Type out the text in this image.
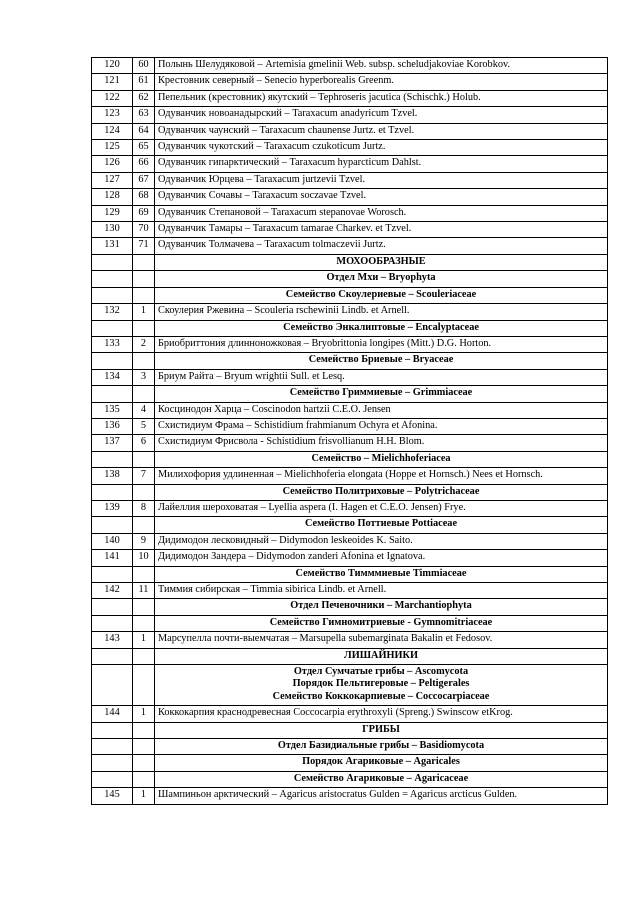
120	60	Полынь Шелудяковой – Artemisia gmelinii Web. subsp. scheludjakoviae Korobkov.
121	61	Крестовник северный – Senecio hyperborealis Greenm.
122	62	Пепельник (крестовник) якутский – Tephroseris jacutica (Schischk.) Holub.
123	63	Одуванчик новоанадырский – Taraxacum anadyricum Tzvel.
124	64	Одуванчик чаунский – Taraxacum chaunense Jurtz. et Tzvel.
125	65	Одуванчик чукотский – Taraxacum czukoticum Jurtz.
126	66	Одуванчик гипарктический – Taraxacum hyparcticum Dahlst.
127	67	Одуванчик Юрцева – Taraxacum jurtzevii Tzvel.
128	68	Одуванчик Сочавы – Taraxacum soczavae Tzvel.
129	69	Одуванчик Степановой – Taraxacum stepanovae Worosch.
130	70	Одуванчик Тамары – Taraxacum tamarae Charkev. et Tzvel.
131	71	Одуванчик Толмачева – Taraxacum tolmaczevii Jurtz.

		МОХООБРАЗНЫЕ

		Отдел Мхи – Bryophyta

		Семейство Скоулериевые – Scouleriaceae

132	1	Скоулерия Ржевина – Scouleria rschewinii Lindb. et Arnell.

		Семейство Энкалиптовые – Encalyptaceae

133	2	Бриобриттония длинноножковая – Bryobrittonia longipes (Mitt.) D.G. Horton.

		Семейство Бриевые – Bryaceae

134	3	Бриум Райта – Bryum wrightii Sull. et Lesq.

		Семейство Гриммиевые – Grimmiaceae

135	4	Косцинодон Харца – Coscinodon hartzii C.E.O. Jensen
136	5	Схистидиум Фрама – Schistidium frahmianum Ochyra et Afonina.
137	6	Схистидиум Фрисвола - Schistidium frisvollianum H.H. Blom.

		Семейство – Mielichhoferiacea

138	7	Милихофория удлиненная – Mielichhoferia elongata (Hoppe et Hornsch.) Nees et Hornsch.

		Семейство Политриховые – Polytrichaceae

139	8	Лайеллия шероховатая – Lyellia aspera (I. Hagen et C.E.O. Jensen) Frye.

		Семейство Поттиевые Pottiaceae

140	9	Дидимодон лесковидный – Didymodon leskeoides K. Saito.
141	10	Дидимодон Зандера – Didymodon zanderi Afonina et Ignatova.

		Семейство Тимммиевые Timmiaceae

142	11	Тиммия сибирская – Timmia sibirica Lindb. et Arnell.

		Отдел Печеночники – Marchantiophyta

		Семейство Гимномитриевые - Gymnomitriaceae

143	1	Марсупелла почти-выемчатая – Marsupella subemarginata Bakalin et Fedosov.

		ЛИШАЙНИКИ

		Отдел Сумчатые грибы – Ascomycota
Порядок Пельтигеровые – Peltigerales
Семейство Коккокарпиевые – Coccocarpiaceae

144	1	Коккокарпия краснодревесная Coccocarpia erythroxyli (Spreng.) Swinscow etKrog.

		ГРИБЫ

		Отдел Базидиальные грибы – Basidiomycota

		Порядок Агариковые – Agaricales

		Семейство Агариковые – Agaricaceae

145	1	Шампиньон арктический – Agaricus aristocratus Gulden = Agaricus arcticus Gulden.
